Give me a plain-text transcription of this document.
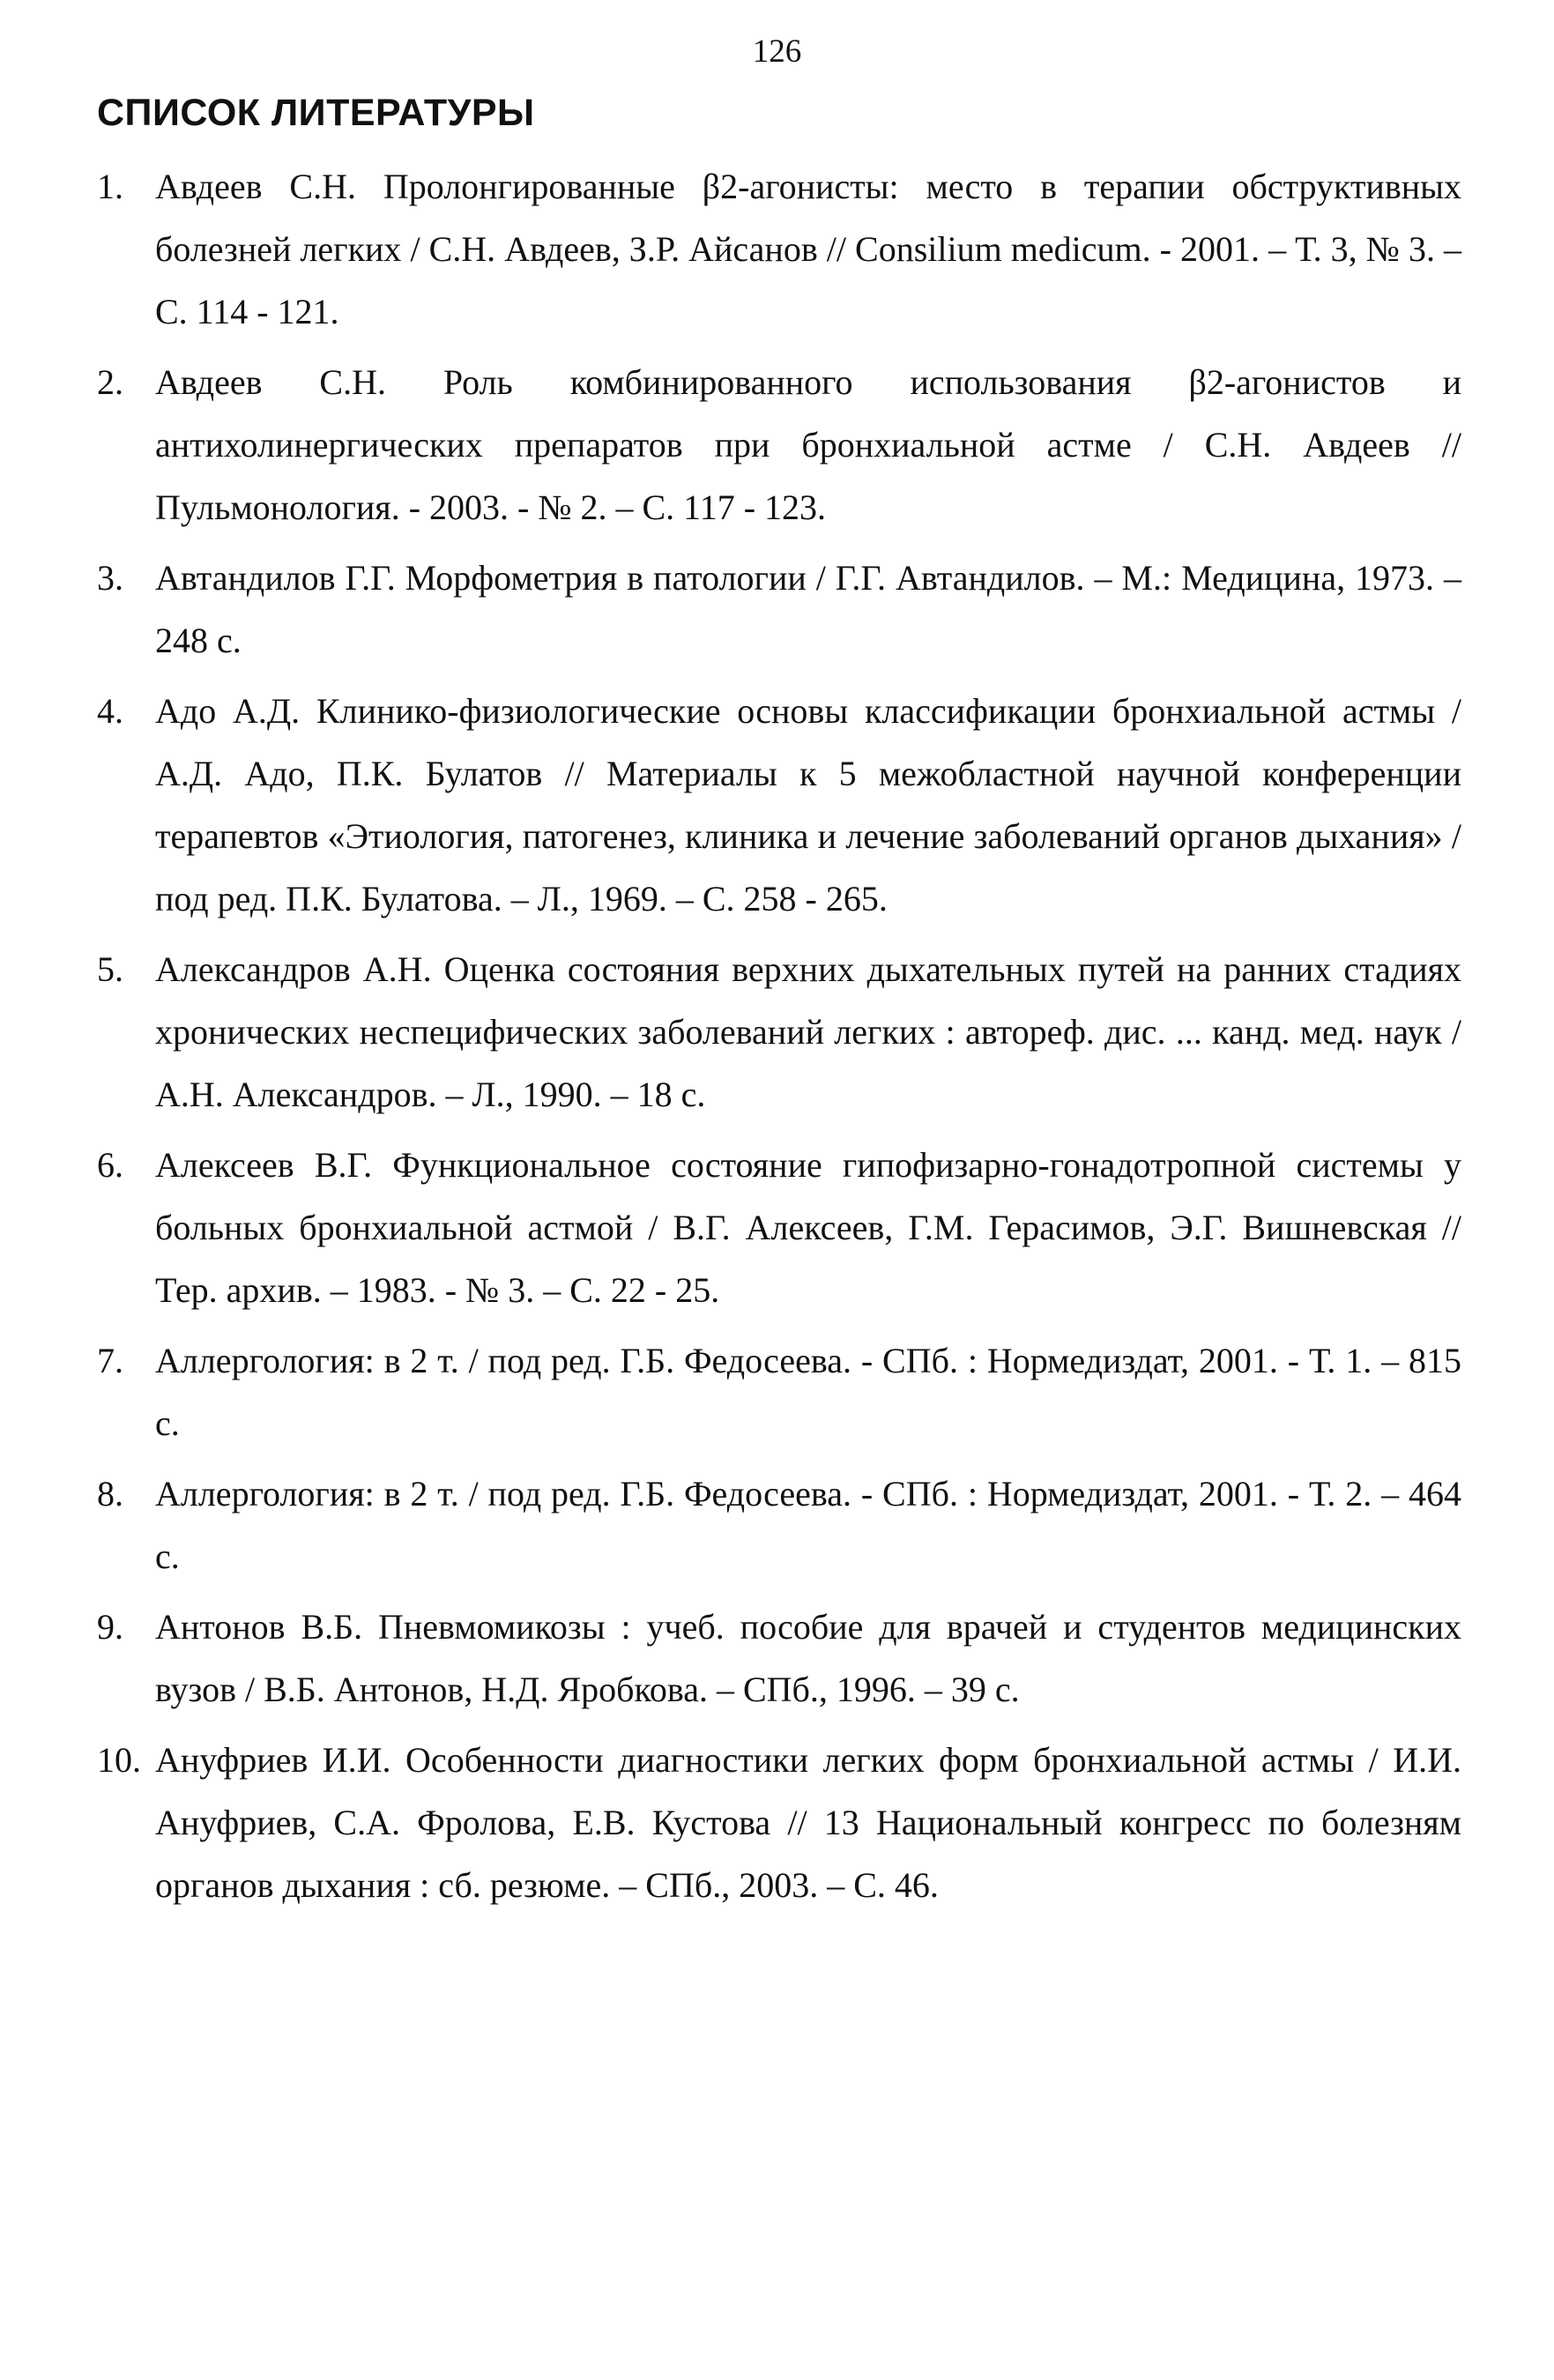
126
СПИСОК ЛИТЕРАТУРЫ
1. Авдеев С.Н. Пролонгированные β2-агонисты: место в терапии обструктивных болезней легких / С.Н. Авдеев, З.Р. Айсанов // Consilium medicum. - 2001. – Т. 3, № 3. – С. 114 - 121.
2. Авдеев С.Н. Роль комбинированного использования β2-агонистов и антихолинергических препаратов при бронхиальной астме / С.Н. Авдеев // Пульмонология. - 2003. - № 2. – С. 117 - 123.
3. Автандилов Г.Г. Морфометрия в патологии / Г.Г. Автандилов. – М.: Медицина, 1973. – 248 с.
4. Адо А.Д. Клинико-физиологические основы классификации бронхиальной астмы / А.Д. Адо, П.К. Булатов // Материалы к 5 межобластной научной конференции терапевтов «Этиология, патогенез, клиника и лечение заболеваний органов дыхания» / под ред. П.К. Булатова. – Л., 1969. – С. 258 - 265.
5. Александров А.Н. Оценка состояния верхних дыхательных путей на ранних стадиях хронических неспецифических заболеваний легких : автореф. дис. ... канд. мед. наук / А.Н. Александров. – Л., 1990. – 18 с.
6. Алексеев В.Г. Функциональное состояние гипофизарно-гонадотропной системы у больных бронхиальной астмой / В.Г. Алексеев, Г.М. Герасимов, Э.Г. Вишневская // Тер. архив. – 1983. - № 3. – С. 22 - 25.
7. Аллергология: в 2 т. / под ред. Г.Б. Федосеева. - СПб. : Нормедиздат, 2001. - Т. 1. – 815 с.
8. Аллергология: в 2 т. / под ред. Г.Б. Федосеева. - СПб. : Нормедиздат, 2001. - Т. 2. – 464 с.
9. Антонов В.Б. Пневмомикозы : учеб. пособие для врачей и студентов медицинских вузов / В.Б. Антонов, Н.Д. Яробкова. – СПб., 1996. – 39 с.
10. Ануфриев И.И. Особенности диагностики легких форм бронхиальной астмы / И.И. Ануфриев, С.А. Фролова, Е.В. Кустова // 13 Национальный конгресс по болезням органов дыхания : сб. резюме. – СПб., 2003. – С. 46.
